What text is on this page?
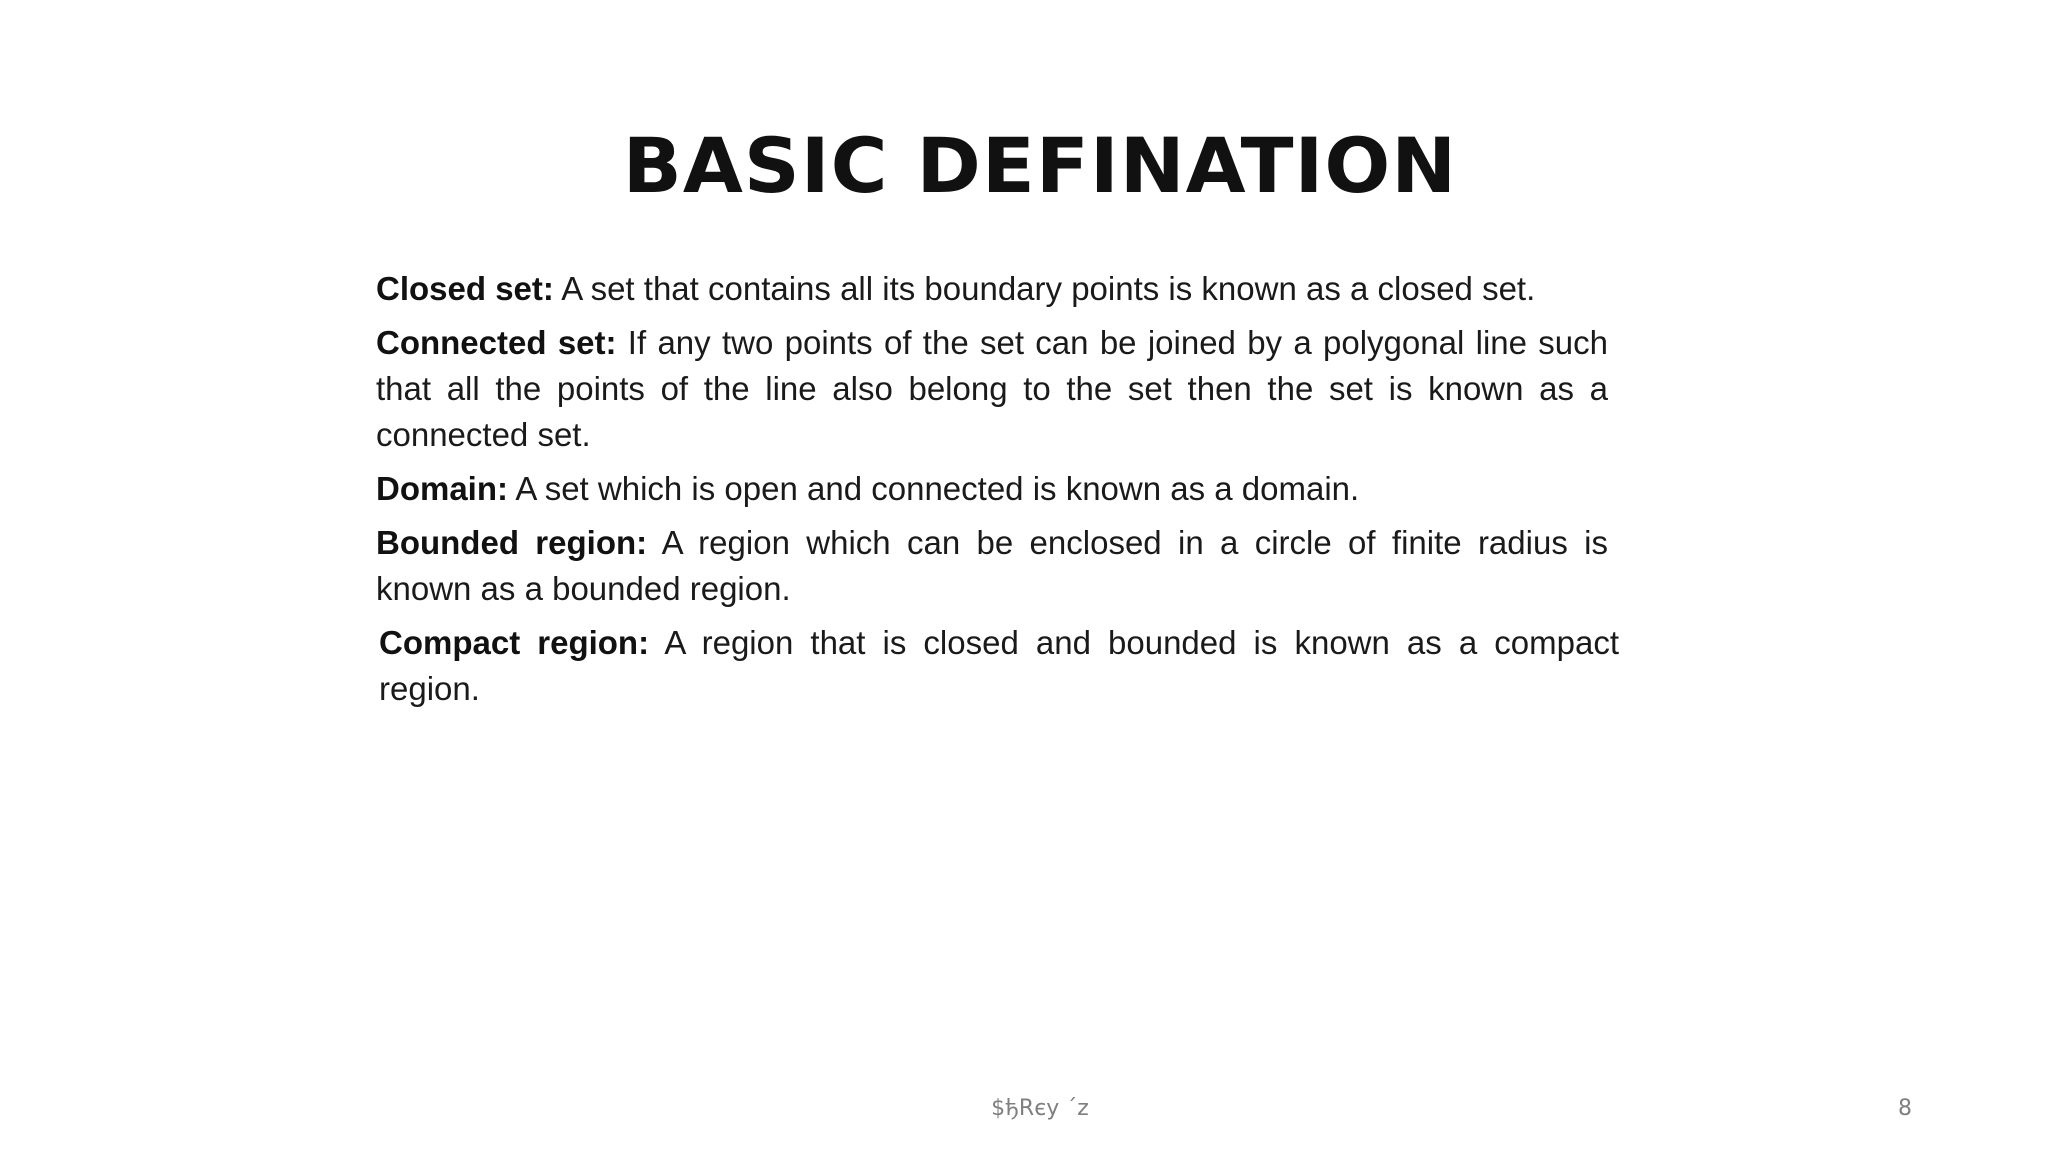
BASIC DEFINATION

Closed set: A set that contains all its boundary points is known as a closed set.

Connected set: If any two points of the set can be joined by a polygonal line such that all the points of the line also belong to the set then the set is known as a connected set.

Domain: A set which is open and connected is known as a domain.

Bounded region: A region which can be enclosed in a circle of finite radius is known as a bounded region.

Compact region: A region that is closed and bounded is known as a compact region.

$ђRєу ´z	8
